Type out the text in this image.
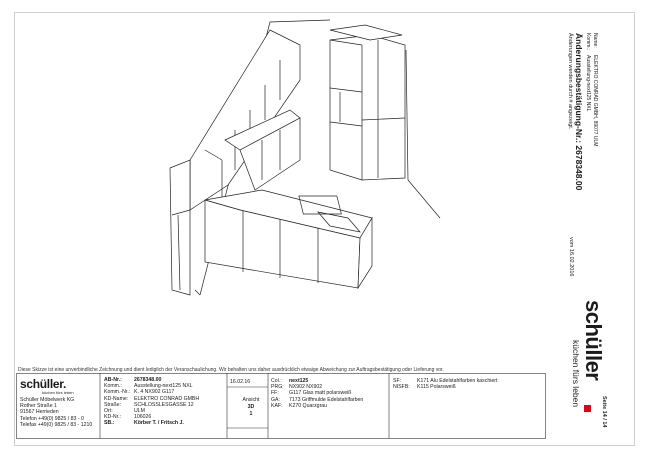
Name:
ELEKTRO CONRAD GMBH, 89077 ULM
Komm.:
Ausstellung-next125 NXL
Änderungsbestätigung-Nr.: 2678348.00
Änderungen werden durch # angezeigt.
vom 16.02.2016
schüller
küchen fürs leben
Seite 14 / 14
Diese Skizze ist eine unverbindliche Zeichnung und dient lediglich der Veranschaulichung. Wir behalten uns daher ausdrücklich etwaige Abweichung zur Auftragsbestätigung oder Lieferung vor.
schüller.
küchen fürs leben
Schüller Möbelwerk KG
Rother Straße 1
91567 Herrieden
Telefon +49(0) 9825 / 83 - 0
Telefax +49(0) 9825 / 83 - 1210
AB-Nr.:	2678348.00
Komm.:	Ausstellung-next125 NXL
Komm.-Nr.: K. 4 NX902 G117
KD-Name:	ELEKTRO CONRAD GMBH
Straße:	SCHLOSSLESGASSE 12
Ort:	ULM
KD-Nr.:	106026
SB.:	Körber T. / Fritsch J.
16.02.16
Ansicht
3D
1
Col.:	next125
PRG:	NX902 NX902
FF:	G117 Glas matt polarsweiß
GA:	7173 Griffmulde Edelstahlfarben
KAF:	K270 Quarzgrau
SF:	K171 Alu Edelstahlfarben kaschiert
NISFB:	K115 Polarsweiß
